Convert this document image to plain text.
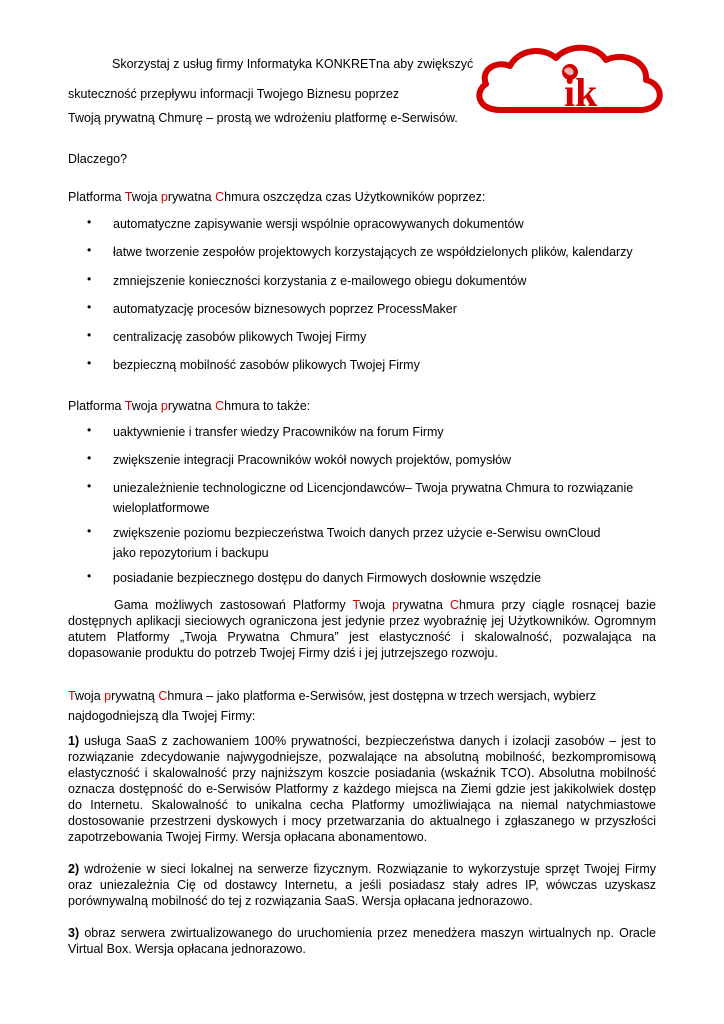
ik
Skorzystaj z usług firmy Informatyka KONKRETna aby zwiększyć
skuteczność przepływu informacji Twojego Biznesu poprzez
Twoją prywatną Chmurę – prostą we wdrożeniu platformę e-Serwisów.
Dlaczego?
Platforma Twoja prywatna Chmura oszczędza czas Użytkowników poprzez:
• automatyczne zapisywanie wersji wspólnie opracowywanych dokumentów
• łatwe tworzenie zespołów projektowych korzystających ze współdzielonych plików, kalendarzy
• zmniejszenie konieczności korzystania z e-mailowego obiegu dokumentów
• automatyzację procesów biznesowych poprzez ProcessMaker
• centralizację zasobów plikowych Twojej Firmy
• bezpieczną mobilność zasobów plikowych Twojej Firmy
Platforma Twoja prywatna Chmura to także:
• uaktywnienie i transfer wiedzy Pracowników na forum Firmy
• zwiększenie integracji Pracowników wokół nowych projektów, pomysłów
• uniezależnienie technologiczne od Licencjondawców– Twoja prywatna Chmura to rozwiązanie wieloplatformowe
• zwiększenie poziomu bezpieczeństwa Twoich danych przez użycie e-Serwisu ownCloud jako repozytorium i backupu
• posiadanie bezpiecznego dostępu do danych Firmowych dosłownie wszędzie
Gama możliwych zastosowań Platformy Twoja prywatna Chmura przy ciągle rosnącej bazie dostępnych aplikacji sieciowych ograniczona jest jedynie przez wyobraźnię jej Użytkowników. Ogromnym atutem Platformy „Twoja Prywatna Chmura” jest elastyczność i skalowalność, pozwalająca na dopasowanie produktu do potrzeb Twojej Firmy dziś i jej jutrzejszego rozwoju.
Twoja prywatną Chmura – jako platforma e-Serwisów, jest dostępna w trzech wersjach, wybierz
najdogodniejszą dla Twojej Firmy:
1) usługa SaaS z zachowaniem 100% prywatności, bezpieczeństwa danych i izolacji zasobów – jest to rozwiązanie zdecydowanie najwygodniejsze, pozwalające na absolutną mobilność, bezkompromisową elastyczność i skalowalność przy najniższym koszcie posiadania (wskaźnik TCO). Absolutna mobilność oznacza dostępność do e-Serwisów Platformy z każdego miejsca na Ziemi gdzie jest jakikolwiek dostęp do Internetu. Skalowalność to unikalna cecha Platformy umożliwiająca na niemal natychmiastowe dostosowanie przestrzeni dyskowych i mocy przetwarzania do aktualnego i zgłaszanego w przyszłości zapotrzebowania Twojej Firmy. Wersja opłacana abonamentowo.
2) wdrożenie w sieci lokalnej na serwerze fizycznym. Rozwiązanie to wykorzystuje sprzęt Twojej Firmy oraz uniezależnia Cię od dostawcy Internetu, a jeśli posiadasz stały adres IP, wówczas uzyskasz porównywalną mobilność do tej z rozwiązania SaaS. Wersja opłacana jednorazowo.
3) obraz serwera zwirtualizowanego do uruchomienia przez menedżera maszyn wirtualnych np. Oracle Virtual Box. Wersja opłacana jednorazowo.
